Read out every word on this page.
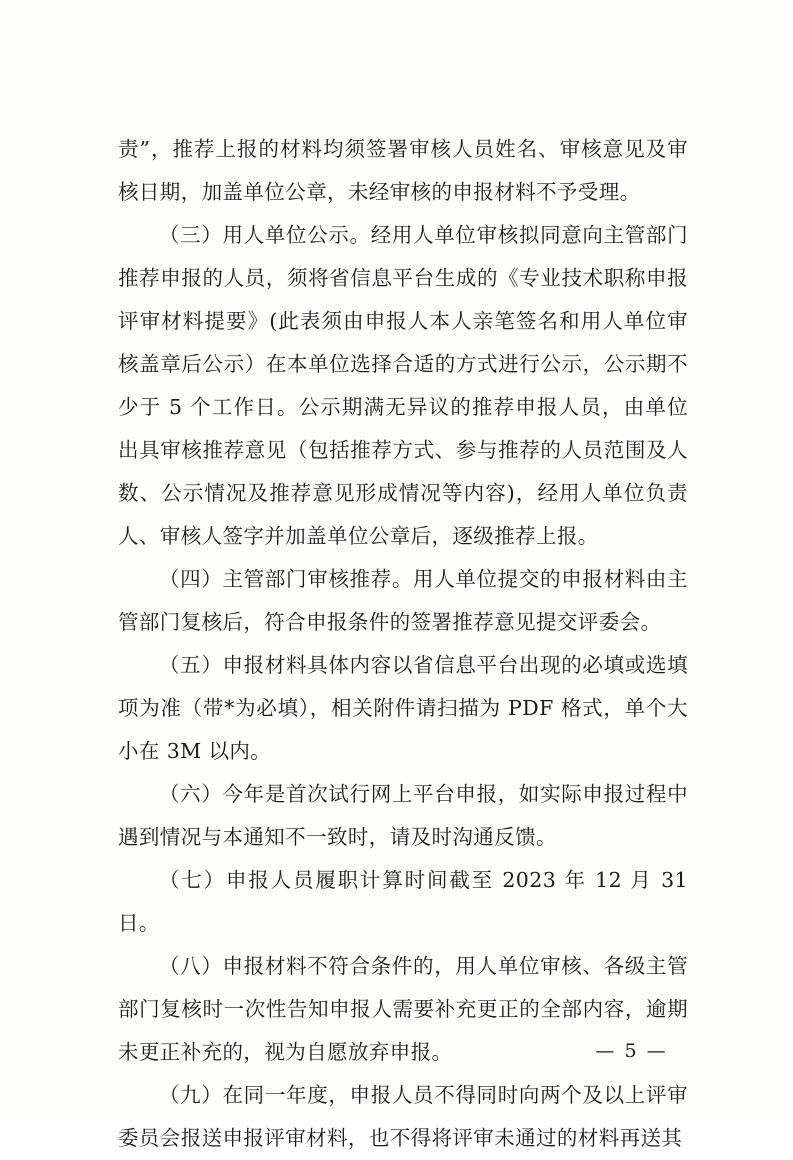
责”，推荐上报的材料均须签署审核人员姓名、审核意见及审核日期，加盖单位公章，未经审核的申报材料不予受理。

（三）用人单位公示。经用人单位审核拟同意向主管部门推荐申报的人员，须将省信息平台生成的《专业技术职称申报评审材料提要》(此表须由申报人本人亲笔签名和用人单位审核盖章后公示）在本单位选择合适的方式进行公示，公示期不少于 5 个工作日。公示期满无异议的推荐申报人员，由单位出具审核推荐意见（包括推荐方式、参与推荐的人员范围及人数、公示情况及推荐意见形成情况等内容)，经用人单位负责人、审核人签字并加盖单位公章后，逐级推荐上报。

（四）主管部门审核推荐。用人单位提交的申报材料由主管部门复核后，符合申报条件的签署推荐意见提交评委会。

（五）申报材料具体内容以省信息平台出现的必填或选填项为准（带*为必填），相关附件请扫描为 PDF 格式，单个大小在 3M 以内。

（六）今年是首次试行网上平台申报，如实际申报过程中遇到情况与本通知不一致时，请及时沟通反馈。

（七）申报人员履职计算时间截至 2023 年 12 月 31 日。

（八）申报材料不符合条件的，用人单位审核、各级主管部门复核时一次性告知申报人需要补充更正的全部内容，逾期未更正补充的，视为自愿放弃申报。

（九）在同一年度，申报人员不得同时向两个及以上评审委员会报送申报评审材料，也不得将评审未通过的材料再送其

— 5 —
